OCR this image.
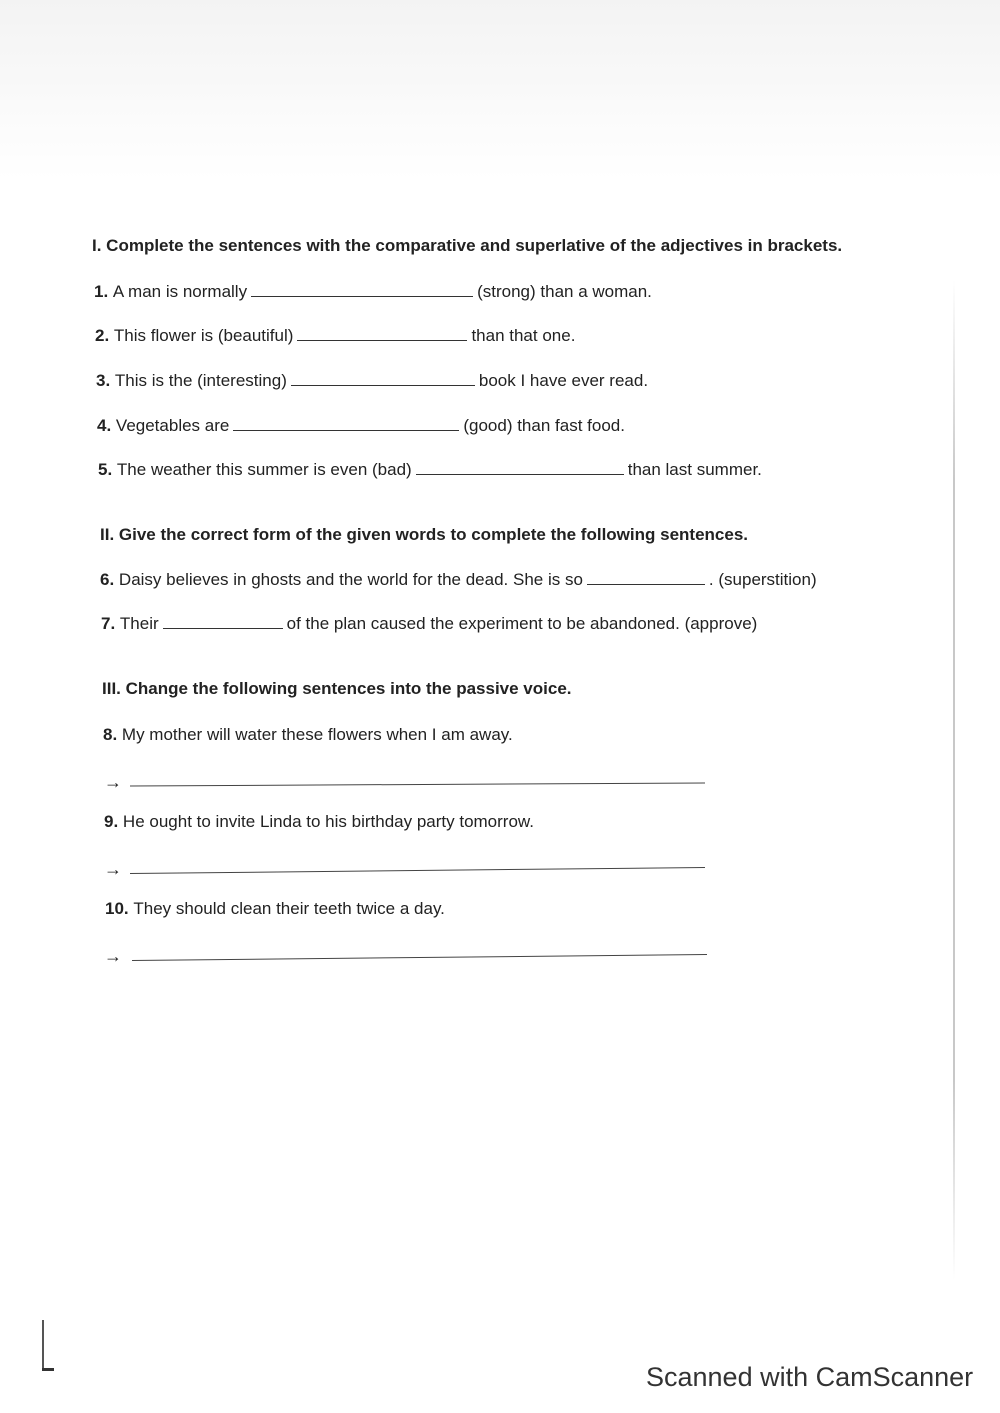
I. Complete the sentences with the comparative and superlative of the adjectives in brackets.
1.
A man is normally	(strong) than a woman.
2.
This flower is (beautiful)	than that one.
3.
This is the (interesting)	book I have ever read.
4.
Vegetables are	(good) than fast food.
5.
The weather this summer is even (bad)	than last summer.
II. Give the correct form of the given words to complete the following sentences.
6.
Daisy believes in ghosts and the world for the dead. She is so	. (superstition)
7.
Their	of the plan caused the experiment to be abandoned. (approve)
III. Change the following sentences into the passive voice.
8.
My mother will water these flowers when I am away.
→
9.
He ought to invite Linda to his birthday party tomorrow.
→
10.
They should clean their teeth twice a day.
→
Scanned with CamScanner
